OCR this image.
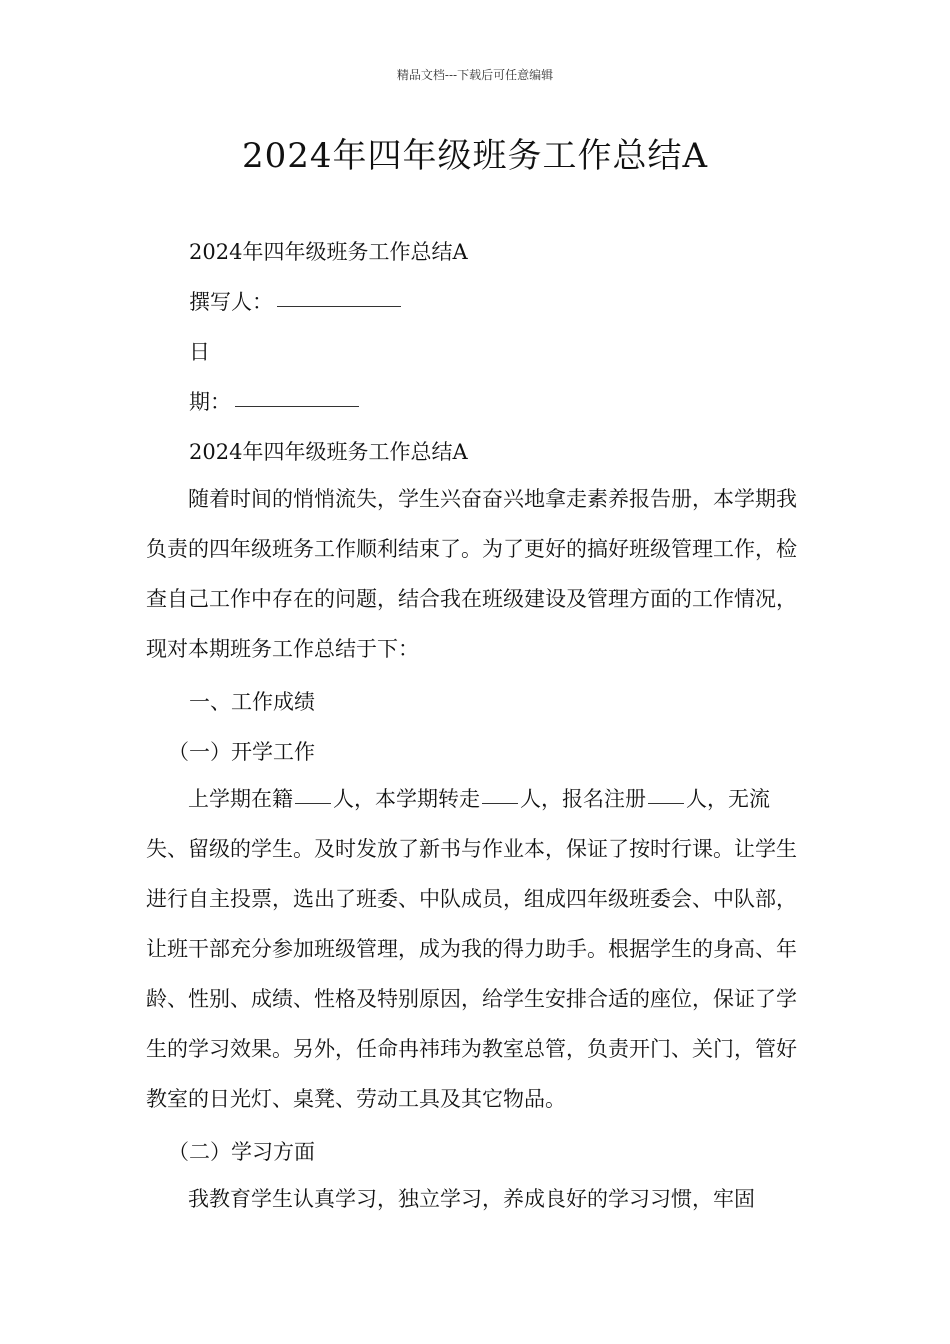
精品文档---下载后可任意编辑
2024年四年级班务工作总结A
2024年四年级班务工作总结A
撰写人：
日
期：
2024年四年级班务工作总结A
随着时间的悄悄流失，学生兴奋奋兴地拿走素养报告册，本学期我负责的四年级班务工作顺利结束了。为了更好的搞好班级管理工作，检查自己工作中存在的问题，结合我在班级建设及管理方面的工作情况，现对本期班务工作总结于下：
一、工作成绩
（一）开学工作
上学期在籍 人，本学期转走 人，报名注册 人，无流失、留级的学生。及时发放了新书与作业本，保证了按时行课。让学生进行自主投票，选出了班委、中队成员，组成四年级班委会、中队部，让班干部充分参加班级管理，成为我的得力助手。根据学生的身高、年龄、性别、成绩、性格及特别原因，给学生安排合适的座位，保证了学生的学习效果。另外，任命冉祎玮为教室总管，负责开门、关门，管好教室的日光灯、桌凳、劳动工具及其它物品。
（二）学习方面
我教育学生认真学习，独立学习，养成良好的学习习惯，牢固
